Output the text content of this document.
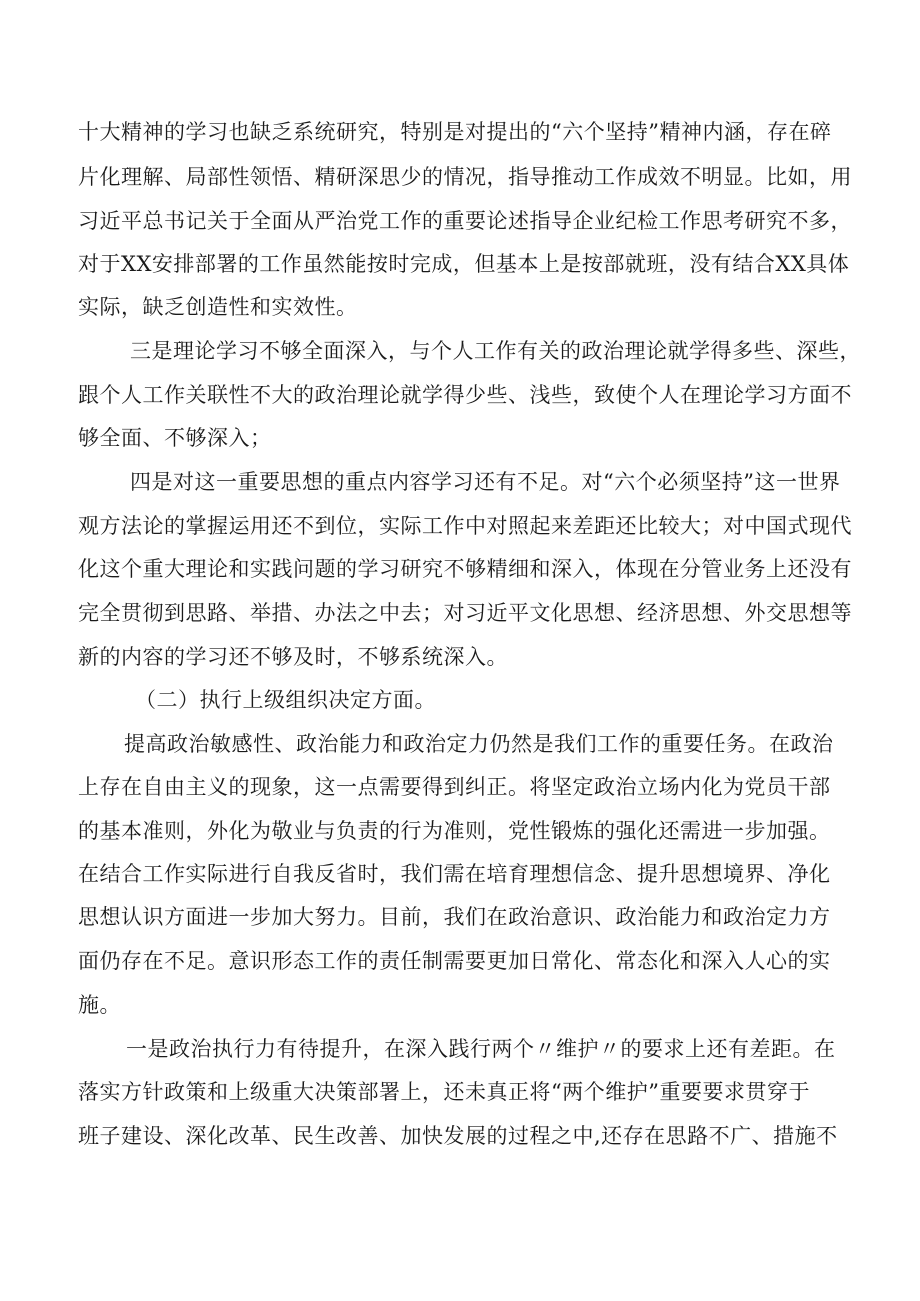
十大精神的学习也缺乏系统研究，特别是对提出的“六个坚持”精神内涵，存在碎
片化理解、局部性领悟、精研深思少的情况，指导推动工作成效不明显。比如，用
习近平总书记关于全面从严治党工作的重要论述指导企业纪检工作思考研究不多，
对于XX安排部署的工作虽然能按时完成，但基本上是按部就班，没有结合XX具体
实际，缺乏创造性和实效性。
三是理论学习不够全面深入，与个人工作有关的政治理论就学得多些、深些，
跟个人工作关联性不大的政治理论就学得少些、浅些，致使个人在理论学习方面不
够全面、不够深入；
四是对这一重要思想的重点内容学习还有不足。对“六个必须坚持”这一世界
观方法论的掌握运用还不到位，实际工作中对照起来差距还比较大；对中国式现代
化这个重大理论和实践问题的学习研究不够精细和深入，体现在分管业务上还没有
完全贯彻到思路、举措、办法之中去；对习近平文化思想、经济思想、外交思想等
新的内容的学习还不够及时，不够系统深入。
（二）执行上级组织决定方面。
提高政治敏感性、政治能力和政治定力仍然是我们工作的重要任务。在政治
上存在自由主义的现象，这一点需要得到纠正。将坚定政治立场内化为党员干部
的基本准则，外化为敬业与负责的行为准则，党性锻炼的强化还需进一步加强。
在结合工作实际进行自我反省时，我们需在培育理想信念、提升思想境界、净化
思想认识方面进一步加大努力。目前，我们在政治意识、政治能力和政治定力方
面仍存在不足。意识形态工作的责任制需要更加日常化、常态化和深入人心的实
施。
一是政治执行力有待提升，在深入践行两个〃维护〃的要求上还有差距。在
落实方针政策和上级重大决策部署上，还未真正将“两个维护”重要要求贯穿于
班子建设、深化改革、民生改善、加快发展的过程之中,还存在思路不广、措施不
